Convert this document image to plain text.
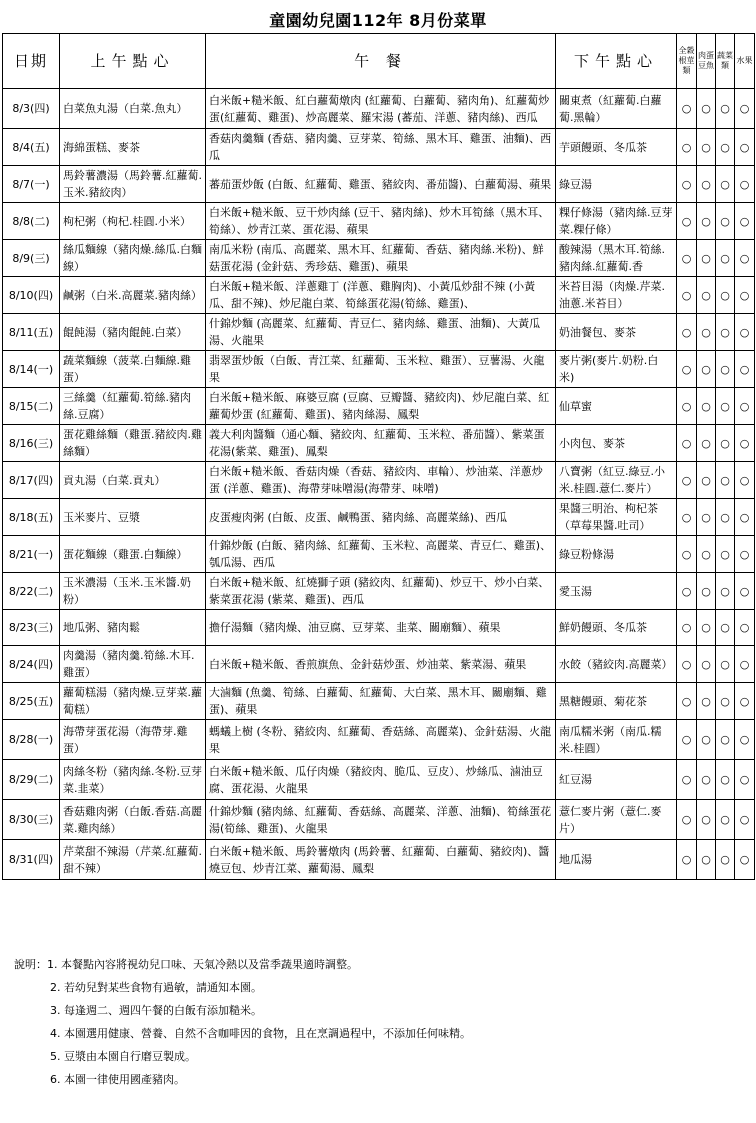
童園幼兒園112年 8月份菜單
日期	上午點心	午 餐	下午點心	全穀根莖類	肉蛋豆魚	蔬菜類	水果
8/3(四)	白菜魚丸湯（白菜.魚丸）	白米飯+糙米飯、紅白蘿蔔燉肉 (紅蘿蔔、白蘿蔔、豬肉角)、紅蘿蔔炒蛋(紅蘿蔔、雞蛋)、炒高麗菜、羅宋湯 (蕃茄、洋蔥、豬肉絲)、西瓜	關東煮（紅蘿蔔.白蘿蔔.黑輪）	○	○	○	○
8/4(五)	海綿蛋糕、麥茶	香菇肉羹麵 (香菇、豬肉羹、豆芽菜、筍絲、黑木耳、雞蛋、油麵)、西瓜	芋頭饅頭、冬瓜茶	○	○	○	○
8/7(一)	馬鈴薯濃湯（馬鈴薯.紅蘿蔔.玉米.豬絞肉）	蕃茄蛋炒飯 (白飯、紅蘿蔔、雞蛋、豬絞肉、番茄醬)、白蘿蔔湯、蘋果	綠豆湯	○	○	○	○
8/8(二)	枸杞粥（枸杞.桂圓.小米）	白米飯+糙米飯、豆干炒肉絲 (豆干、豬肉絲)、炒木耳筍絲（黑木耳、筍絲）、炒青江菜、蛋花湯、蘋果	粿仔條湯（豬肉絲.豆芽菜.粿仔條）	○	○	○	○
8/9(三)	絲瓜麵線（豬肉燥.絲瓜.白麵線）	南瓜米粉 (南瓜、高麗菜、黑木耳、紅蘿蔔、香菇、豬肉絲.米粉)、鮮菇蛋花湯 (金針菇、秀珍菇、雞蛋)、蘋果	酸辣湯（黑木耳.筍絲.豬肉絲.紅蘿蔔.香	○	○	○	○
8/10(四)	鹹粥（白米.高麗菜.豬肉絲）	白米飯+糙米飯、洋蔥雞丁 (洋蔥、雞胸肉)、小黃瓜炒甜不辣 (小黃瓜、甜不辣)、炒尼龍白菜、筍絲蛋花湯(筍絲、雞蛋)、	米苔目湯（肉燥.芹菜.油蔥.米苔目）	○	○	○	○
8/11(五)	餛飩湯（豬肉餛飩.白菜）	什錦炒麵 (高麗菜、紅蘿蔔、青豆仁、豬肉絲、雞蛋、油麵)、大黃瓜湯、火龍果	奶油餐包、麥茶	○	○	○	○
8/14(一)	蔬菜麵線（菠菜.白麵線.雞蛋）	翡翠蛋炒飯（白飯、青江菜、紅蘿蔔、玉米粒、雞蛋）、豆薯湯、火龍果	麥片粥(麥片.奶粉.白米)	○	○	○	○
8/15(二)	三絲羹（紅蘿蔔.筍絲.豬肉絲.豆腐）	白米飯+糙米飯、麻婆豆腐 (豆腐、豆瓣醬、豬絞肉)、炒尼龍白菜、紅蘿蔔炒蛋 (紅蘿蔔、雞蛋)、豬肉絲湯、鳳梨	仙草蜜	○	○	○	○
8/16(三)	蛋花雞絲麵（雞蛋.豬絞肉.雞絲麵）	義大利肉醬麵（通心麵、豬絞肉、紅蘿蔔、玉米粒、番茄醬）、紫菜蛋花湯(紫菜、雞蛋)、鳳梨	小肉包、麥茶	○	○	○	○
8/17(四)	貢丸湯（白菜.貢丸）	白米飯+糙米飯、香菇肉燥（香菇、豬絞肉、車輪）、炒油菜、洋蔥炒蛋 (洋蔥、雞蛋)、海帶芽味噌湯(海帶芽、味噌)	八寶粥（紅豆.綠豆.小米.桂圓.薏仁.麥片）	○	○	○	○
8/18(五)	玉米麥片、豆漿	皮蛋瘦肉粥 (白飯、皮蛋、鹹鴨蛋、豬肉絲、高麗菜絲)、西瓜	果醬三明治、枸杞茶（草莓果醬.吐司）	○	○	○	○
8/21(一)	蛋花麵線（雞蛋.白麵線）	什錦炒飯 (白飯、豬肉絲、紅蘿蔔、玉米粒、高麗菜、青豆仁、雞蛋)、瓠瓜湯、西瓜	綠豆粉條湯	○	○	○	○
8/22(二)	玉米濃湯（玉米.玉米醬.奶粉）	白米飯+糙米飯、紅燒獅子頭 (豬絞肉、紅蘿蔔)、炒豆干、炒小白菜、紫菜蛋花湯 (紫菜、雞蛋)、西瓜	愛玉湯	○	○	○	○
8/23(三)	地瓜粥、豬肉鬆	擔仔湯麵（豬肉燥、油豆腐、豆芽菜、韭菜、關廟麵）、蘋果	鮮奶饅頭、冬瓜茶	○	○	○	○
8/24(四)	肉羹湯（豬肉羹.筍絲.木耳.雞蛋）	白米飯+糙米飯、香煎旗魚、金針菇炒蛋、炒油菜、紫菜湯、蘋果	水餃（豬絞肉.高麗菜）	○	○	○	○
8/25(五)	蘿蔔糕湯（豬肉燥.豆芽菜.蘿蔔糕）	大滷麵 (魚羹、筍絲、白蘿蔔、紅蘿蔔、大白菜、黑木耳、關廟麵、雞蛋)、蘋果	黑糖饅頭、菊花茶	○	○	○	○
8/28(一)	海帶芽蛋花湯（海帶芽.雞蛋）	螞蟻上樹 (冬粉、豬絞肉、紅蘿蔔、香菇絲、高麗菜)、金針菇湯、火龍果	南瓜糯米粥（南瓜.糯米.桂圓）	○	○	○	○
8/29(二)	肉絲冬粉（豬肉絲.冬粉.豆芽菜.韭菜）	白米飯+糙米飯、瓜仔肉燥（豬絞肉、脆瓜、豆皮）、炒絲瓜、滷油豆腐、蛋花湯、火龍果	紅豆湯	○	○	○	○
8/30(三)	香菇雞肉粥（白飯.香菇.高麗菜.雞肉絲）	什錦炒麵 (豬肉絲、紅蘿蔔、香菇絲、高麗菜、洋蔥、油麵)、筍絲蛋花湯(筍絲、雞蛋)、火龍果	薏仁麥片粥（薏仁.麥片）	○	○	○	○
8/31(四)	芹菜甜不辣湯（芹菜.紅蘿蔔.甜不辣）	白米飯+糙米飯、馬鈴薯燉肉 (馬鈴薯、紅蘿蔔、白蘿蔔、豬絞肉)、醬燒豆包、炒青江菜、蘿蔔湯、鳳梨	地瓜湯	○	○	○	○
說明：1. 本餐點內容將視幼兒口味、天氣冷熱以及當季蔬果適時調整。
2. 若幼兒對某些食物有過敏，請通知本園。
3. 每逢週二、週四午餐的白飯有添加糙米。
4. 本園選用健康、營養、自然不含咖啡因的食物，且在烹調過程中，不添加任何味精。
5. 豆漿由本園自行磨豆製成。
6. 本園一律使用國產豬肉。
